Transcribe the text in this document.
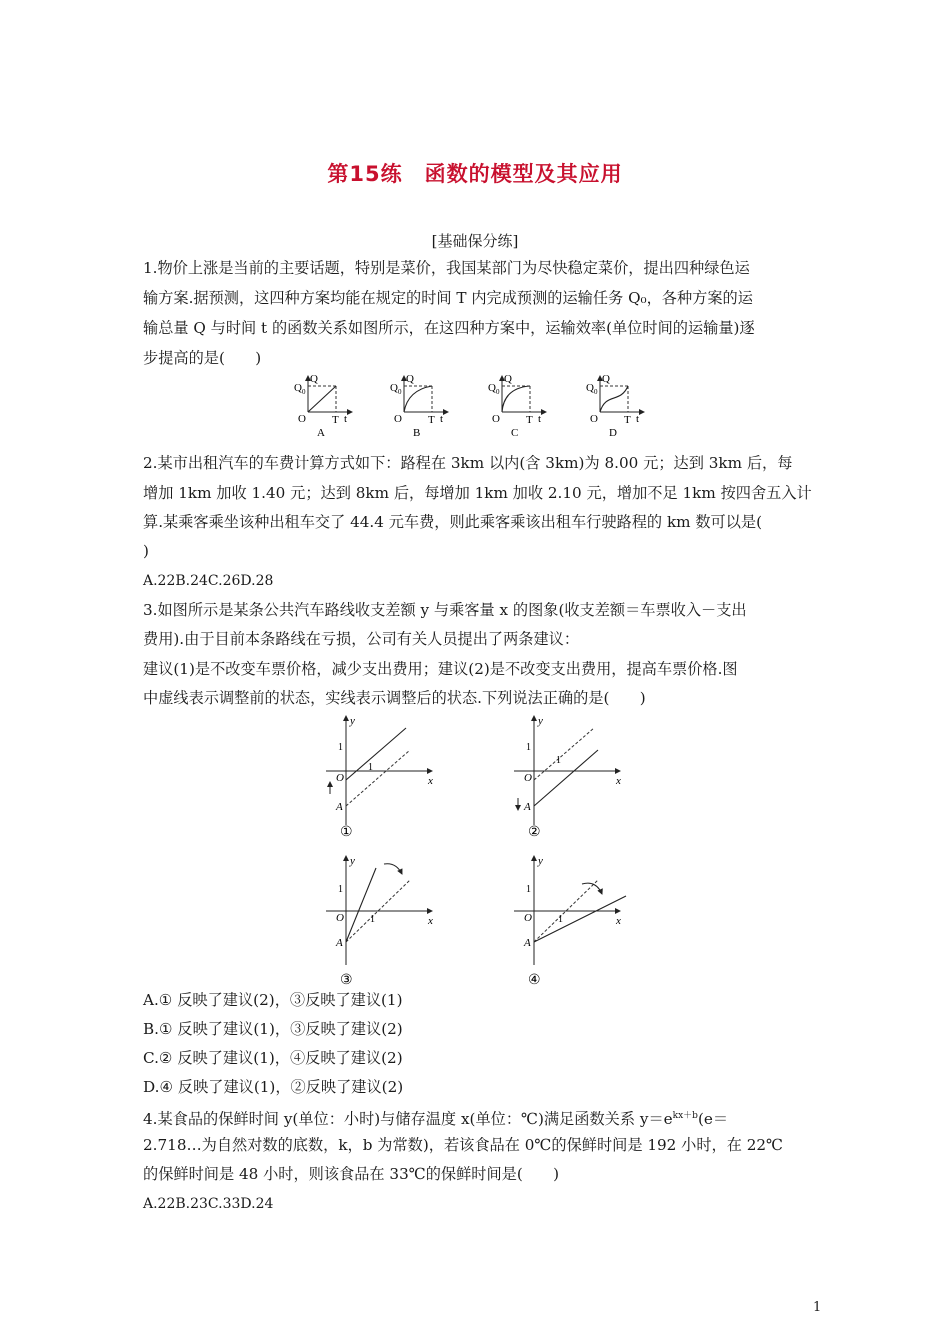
第15练　函数的模型及其应用
[基础保分练]
1.物价上涨是当前的主要话题，特别是菜价，我国某部门为尽快稳定菜价，提出四种绿色运
输方案.据预测，这四种方案均能在规定的时间 T 内完成预测的运输任务 Q₀，各种方案的运
输总量 Q 与时间 t 的函数关系如图所示，在这四种方案中，运输效率(单位时间的运输量)逐
步提高的是(　　)
Q 0
Q
O T t
A
Q 0
Q
O T t
B
Q 0
Q
O T t
C
Q 0
Q
O T t
D
2.某市出租汽车的车费计算方式如下：路程在 3km 以内(含 3km)为 8.00 元；达到 3km 后，每
增加 1km 加收 1.40 元；达到 8km 后，每增加 1km 加收 2.10 元，增加不足 1km 按四舍五入计
算.某乘客乘坐该种出租车交了 44.4 元车费，则此乘客乘该出租车行驶路程的 km 数可以是(
)
A.22B.24C.26D.28
3.如图所示是某条公共汽车路线收支差额 y 与乘客量 x 的图象(收支差额＝车票收入－支出
费用).由于目前本条路线在亏损，公司有关人员提出了两条建议：
建议(1)是不改变车票价格，减少支出费用；建议(2)是不改变支出费用，提高车票价格.图
中虚线表示调整前的状态，实线表示调整后的状态.下列说法正确的是(　　)
y
x
O
1
1
A
①
y
x
O
1
1
A
②
y
x
O
1
1
A
③
y
x
O
1
1
A
④
A.① 反映了建议(2)，③反映了建议(1)
B.① 反映了建议(1)，③反映了建议(2)
C.② 反映了建议(1)，④反映了建议(2)
D.④ 反映了建议(1)，②反映了建议(2)
4.某食品的保鲜时间 y(单位：小时)与储存温度 x(单位：℃)满足函数关系 $y=e^{kx+b}(e=$
2.718…为自然对数的底数，k，b 为常数)，若该食品在 0℃的保鲜时间是 192 小时，在 22℃
的保鲜时间是 48 小时，则该食品在 33℃的保鲜时间是(　　)
A.22B.23C.33D.24
1
